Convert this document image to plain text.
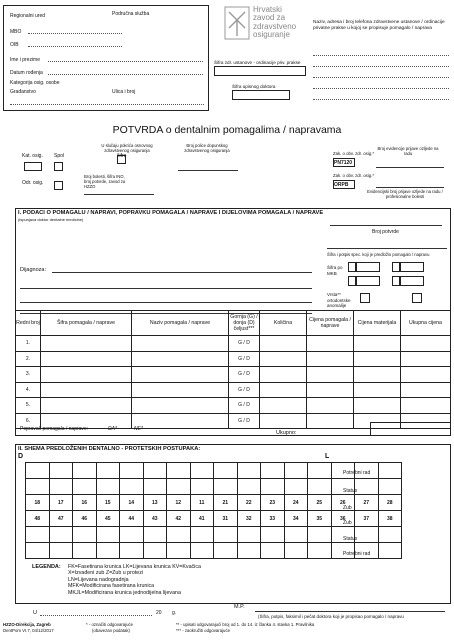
Regionalni ured	Područna služba
MBO
OIB
Ime i prezime
Datum rođenja
Kategorija osig. osobe
Građanstvo	Ulica i broj
Hrvatski
zavod za
zdravstveno
osiguranje
Šifra zdr. ustanove - ordinacije priv. prakse
Šifra upisnog doktora
Naziv, adresa i broj telefona zdravstvene ustanove / ordinacije privatne prakse u kojoj se propisuje pomagalo / naprava
POTVRDA o dentalnim pomagalima / napravama
U slučaju pokrića osnovnog zdravstvenog osiguranja
Broj police dopunskog zdravstvenog osiguranja
Kat. osig. Spol	šifre
Odr. osig.
Broj bolesti, šifra INO, broj potvrde, zavod za HZZO
Zak. o obv. zdr. osig.*
PN7120
Broj evidencije prijave ozljede na radu
Zak. o obv. zdr. osig.*
ORPB
Evidencijski broj prijave ozljede na radu / profesionalne bolesti
I. PODACI O POMAGALU / NAPRAVI, POPRAVKU POMAGALA / NAPRAVE I DIJELOVIMA POMAGALA / NAPRAVE
(ispunjava doktor dentalne medicine)
Broj potvrde
Dijagnoza:
Šifra i potpis spec. koji je predložio pomagalo / napravu
Šifra po MKB
Vrsta** ortodontske anomalije
Redni broj	Šifra pomagala / naprave	Naziv pomagala / naprave	Gornja (G) / donja (D) čeljust***	Količina	Cijena pomagala / naprave	Cijena materijala	Ukupna cijena
1.			G / D				
2.			G / D				
3.			G / D				
4.			G / D				
5.			G / D				
6.			G / D				
Popravak pomagala / naprave:	DA*	NE*
Ukupno:
II. SHEMA PREDLOŽENIH DENTALNO - PROTETSKIH POSTUPAKA:
D	L

18	17	16	15	14	13	12	11	21	22	23	24	25	26	27	28
48	47	46	45	44	43	42	41	31	32	33	34	35	36	37	38

Potrebni rad
Status
Zub
Zub
Status
Potrebni rad
LEGENDA: FK=Fasetirana krunica LK=Lijevana krunica KV=Kvačica
X=Izvađeni zub Z=Zub u protezi
LN=Lijevana nadogradnja
MFK=Modificirana fasetirana krunica
MKJL=Modificirana krunica jednodijelna lijevana
U	20 g.
M.P.
(Šifra, potpis, faksimil i pečat doktora koji je propisao pomagalo / napravu
HZZO-Direkcija, Zagreb
DentPom VI.7, 04/12/2017
* - označiti odgovarajuće
(obavezan podatak)
** - upisati odgovarajući broj od 1. do 14. iz članka 4. stavka 1. Pravilnika
*** - zaokružiti odgovarajuće
